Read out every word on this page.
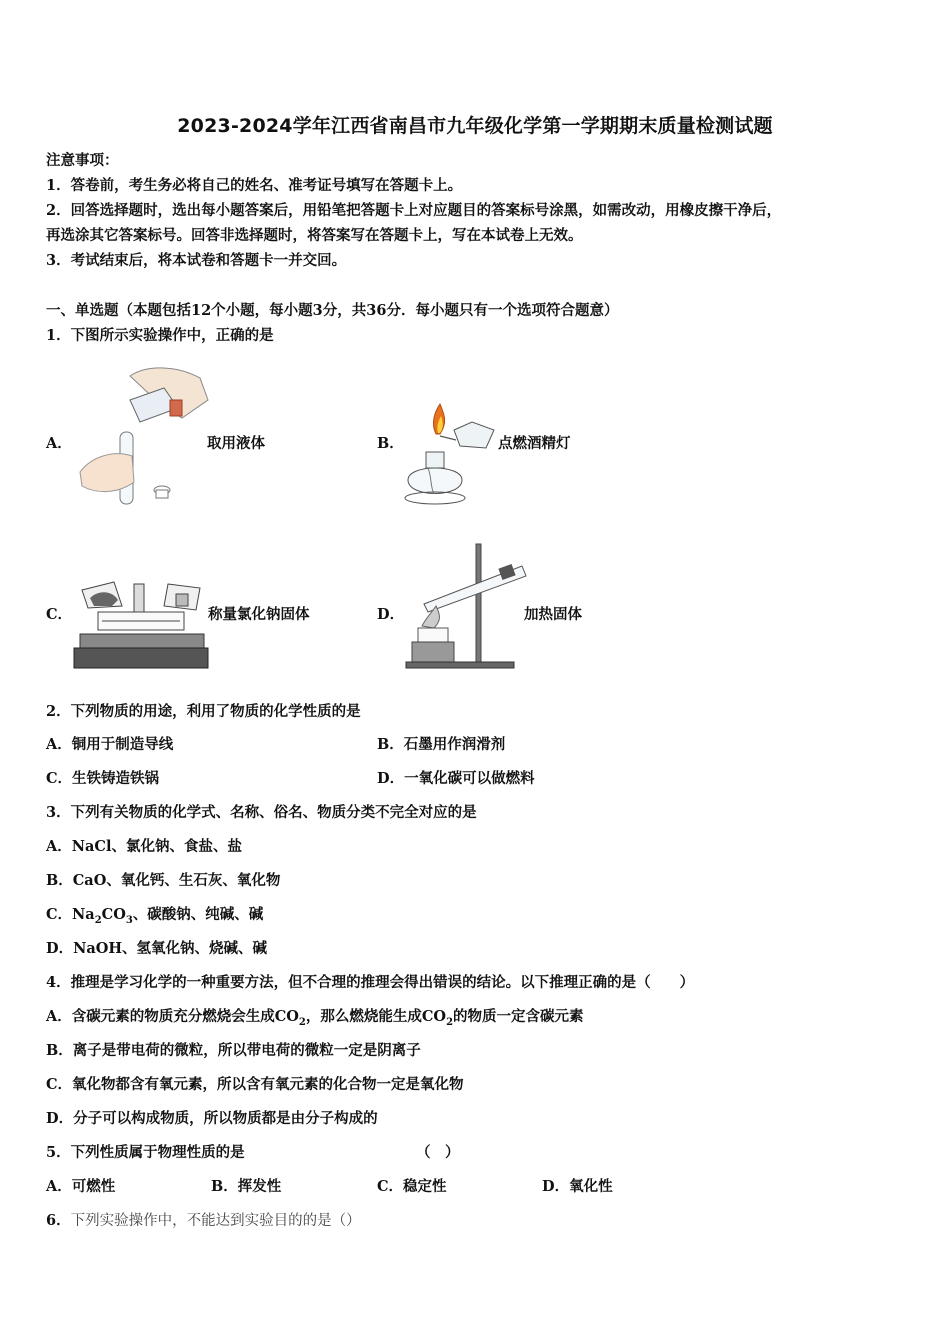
2023-2024学年江西省南昌市九年级化学第一学期期末质量检测试题
注意事项：
1．答卷前，考生务必将自己的姓名、准考证号填写在答题卡上。
2．回答选择题时，选出每小题答案后，用铅笔把答题卡上对应题目的答案标号涂黑，如需改动，用橡皮擦干净后，
再选涂其它答案标号。回答非选择题时，将答案写在答题卡上，写在本试卷上无效。
3．考试结束后，将本试卷和答题卡一并交回。
一、单选题（本题包括12个小题，每小题3分，共36分．每小题只有一个选项符合题意）
1．下图所示实验操作中，正确的是
A．	取用液体	B．	点燃酒精灯
C．	称量氯化钠固体	D．	加热固体
2．下列物质的用途，利用了物质的化学性质的是
A．铜用于制造导线	B．石墨用作润滑剂
C．生铁铸造铁锅	D．一氧化碳可以做燃料
3．下列有关物质的化学式、名称、俗名、物质分类不完全对应的是
A．NaCl、氯化钠、食盐、盐
B．CaO、氧化钙、生石灰、氧化物
C．$Na_2CO_3$、碳酸钠、纯碱、碱
D．NaOH、氢氧化钠、烧碱、碱
4．推理是学习化学的一种重要方法，但不合理的推理会得出错误的结论。以下推理正确的是（　　）
A．含碳元素的物质充分燃烧会生成$CO_2$，那么燃烧能生成$CO_2$的物质一定含碳元素
B．离子是带电荷的微粒，所以带电荷的微粒一定是阴离子
C．氧化物都含有氧元素，所以含有氧元素的化合物一定是氧化物
D．分子可以构成物质，所以物质都是由分子构成的
5．下列性质属于物理性质的是	（　）
A．可燃性	B．挥发性	C．稳定性	D．氧化性
6．下列实验操作中，不能达到实验目的的是（）
